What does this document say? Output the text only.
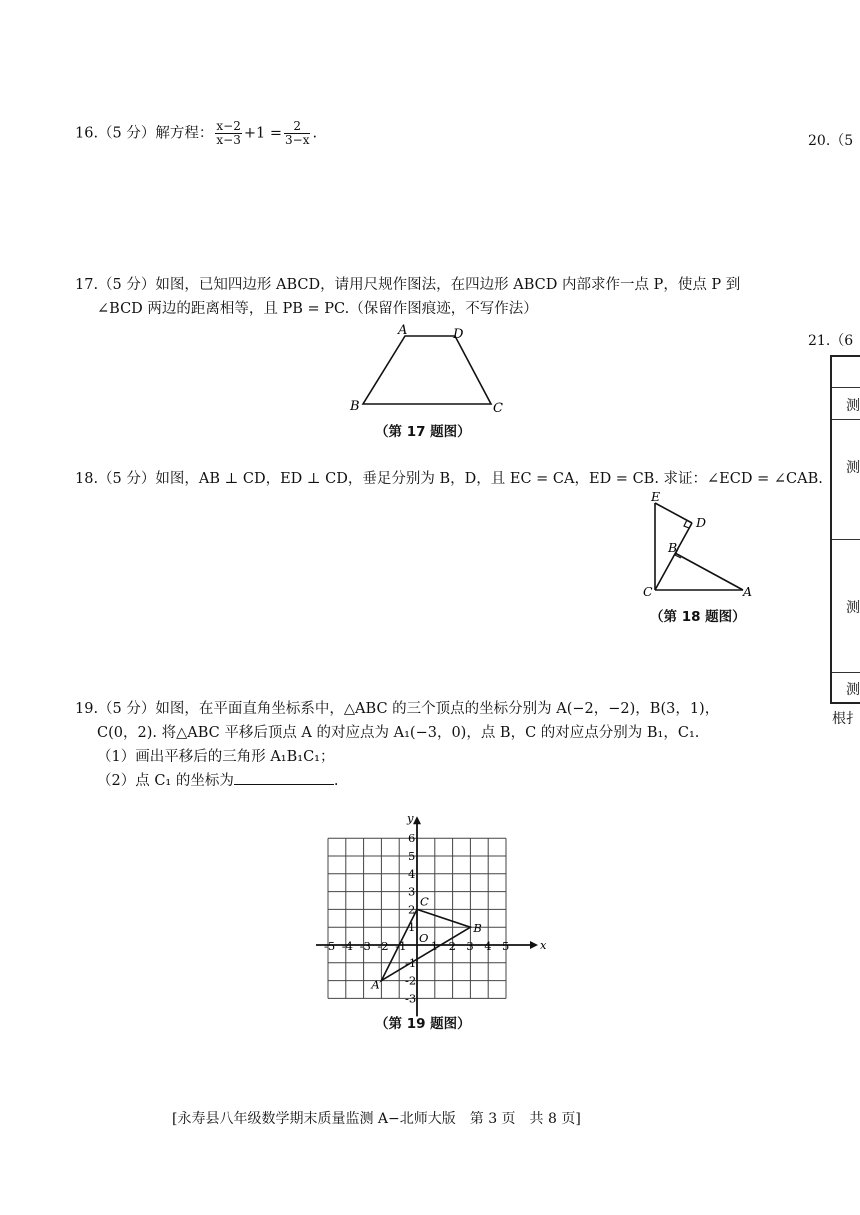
16.（5 分）解方程： $\frac{x-2}{x-3} +1 = \frac{2}{3-x}$ .
17.（5 分）如图，已知四边形 ABCD，请用尺规作图法，在四边形 ABCD 内部求作一点 P，使点 P 到
∠BCD 两边的距离相等，且 PB = PC.（保留作图痕迹，不写作法）
A	D
B	C
（第 17 题图）
18.（5 分）如图，AB ⊥ CD，ED ⊥ CD，垂足分别为 B，D，且 EC = CA，ED = CB. 求证：∠ECD = ∠CAB.
E
D
B
C	A
（第 18 题图）
19.（5 分）如图，在平面直角坐标系中，△ABC 的三个顶点的坐标分别为 A(−2，−2)，B(3，1)，
C(0，2). 将△ABC 平移后顶点 A 的对应点为 A₁(−3，0)，点 B，C 的对应点分别为 B₁，C₁.
（1）画出平移后的三角形 A₁B₁C₁；
（2）点 C₁ 的坐标为	.
x
y
O
-5 -4 -3 -2 -1 1 2 3 4 5
6
5
4
3
2
1
-1
-2
-3
A
B
C
（第 19 题图）
20.（5
21.（6
测
测
测
测
根扌
[永寿县八年级数学期末质量监测 A−北师大版　第 3 页　共 8 页]
